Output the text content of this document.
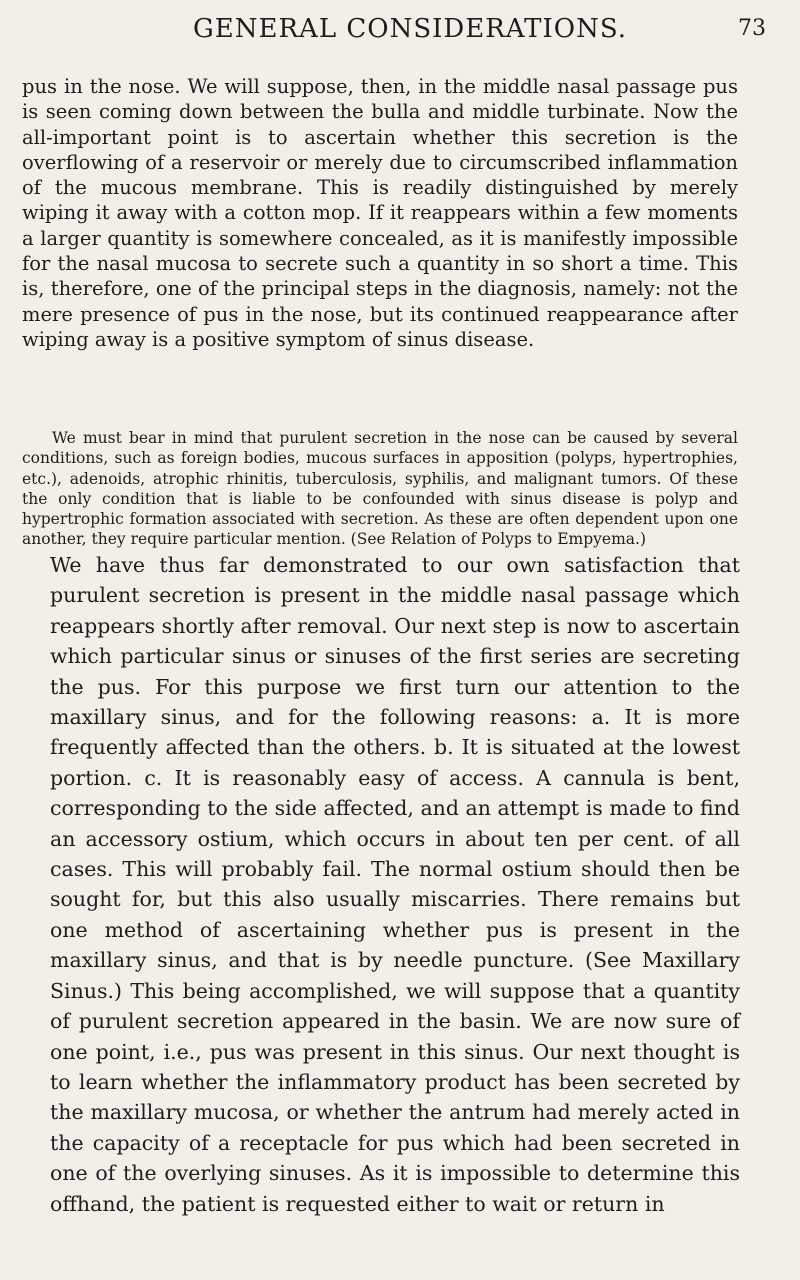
GENERAL CONSIDERATIONS.	73

pus in the nose. We will suppose, then, in the middle nasal passage pus is seen coming down between the bulla and middle turbinate. Now the all-important point is to ascertain whether this secretion is the overflowing of a reservoir or merely due to circumscribed inflammation of the mucous membrane. This is readily distinguished by merely wiping it away with a cotton mop. If it reappears within a few moments a larger quantity is somewhere concealed, as it is manifestly impossible for the nasal mucosa to secrete such a quantity in so short a time. This is, therefore, one of the principal steps in the diagnosis, namely: not the mere presence of pus in the nose, but its continued reappearance after wiping away is a positive symptom of sinus disease.

We must bear in mind that purulent secretion in the nose can be caused by several conditions, such as foreign bodies, mucous surfaces in apposition (polyps, hypertrophies, etc.), adenoids, atrophic rhinitis, tuberculosis, syphilis, and malignant tumors. Of these the only condition that is liable to be confounded with sinus disease is polyp and hypertrophic formation associated with secretion. As these are often dependent upon one another, they require particular mention. (See Relation of Polyps to Empyema.)

We have thus far demonstrated to our own satisfaction that purulent secretion is present in the middle nasal passage which reappears shortly after removal. Our next step is now to ascertain which particular sinus or sinuses of the first series are secreting the pus. For this purpose we first turn our attention to the maxillary sinus, and for the following reasons: a. It is more frequently affected than the others. b. It is situated at the lowest portion. c. It is reasonably easy of access. A cannula is bent, corresponding to the side affected, and an attempt is made to find an accessory ostium, which occurs in about ten per cent. of all cases. This will probably fail. The normal ostium should then be sought for, but this also usually miscarries. There remains but one method of ascertaining whether pus is present in the maxillary sinus, and that is by needle puncture. (See Maxillary Sinus.) This being accomplished, we will suppose that a quantity of purulent secretion appeared in the basin. We are now sure of one point, i.e., pus was present in this sinus. Our next thought is to learn whether the inflammatory product has been secreted by the maxillary mucosa, or whether the antrum had merely acted in the capacity of a receptacle for pus which had been secreted in one of the overlying sinuses. As it is impossible to determine this offhand, the patient is requested either to wait or return in
